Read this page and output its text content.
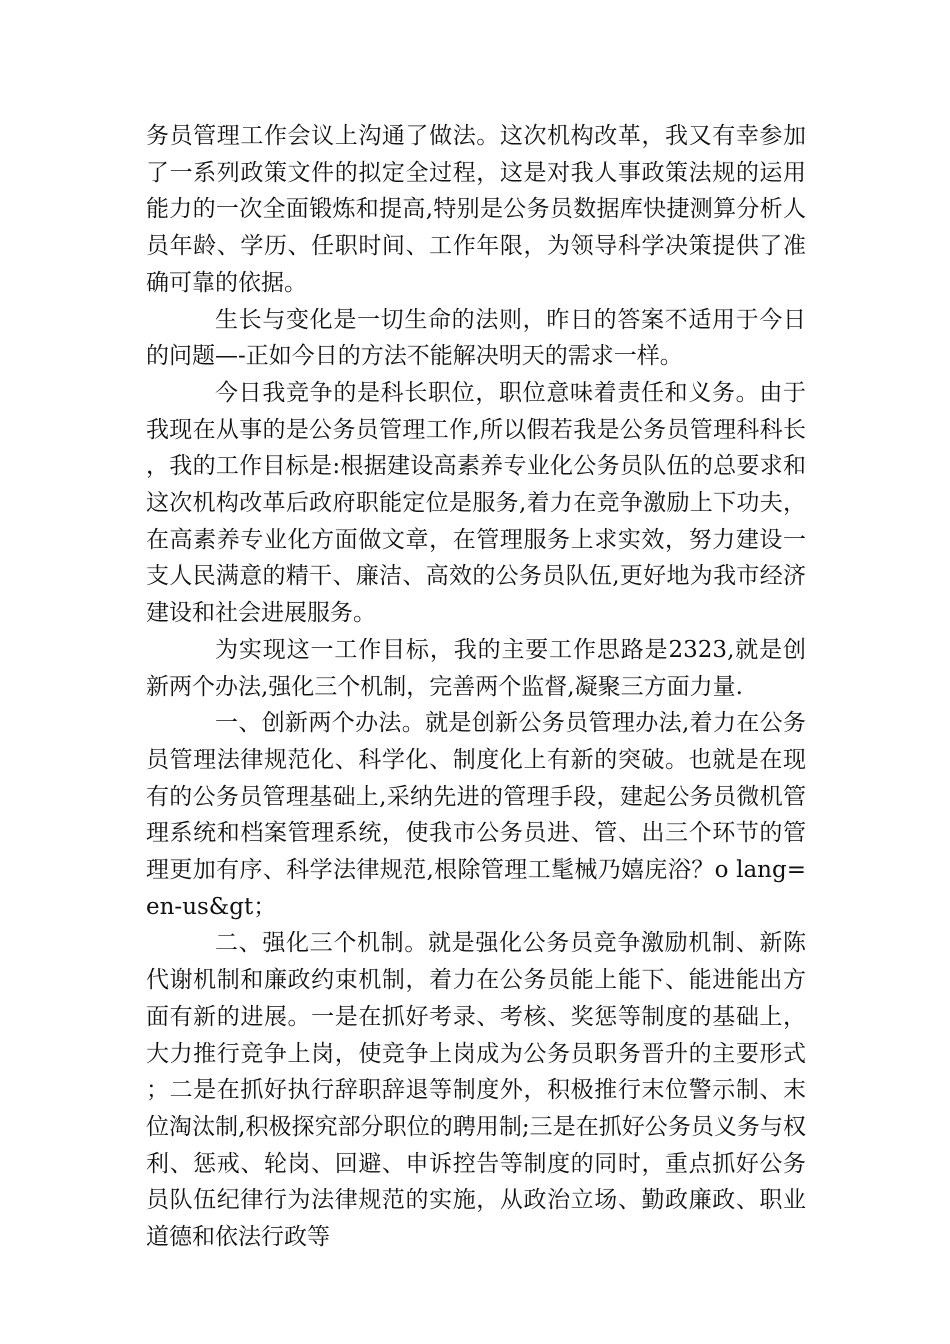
务员管理工作会议上沟通了做法。这次机构改革，我又有幸参加了一系列政策文件的拟定全过程，这是对我人事政策法规的运用能力的一次全面锻炼和提高,特别是公务员数据库快捷测算分析人员年龄、学历、任职时间、工作年限，为领导科学决策提供了准确可靠的依据。

生长与变化是一切生命的法则，昨日的答案不适用于今日的问题—-正如今日的方法不能解决明天的需求一样。

今日我竞争的是科长职位，职位意味着责任和义务。由于我现在从事的是公务员管理工作,所以假若我是公务员管理科科长，我的工作目标是:根据建设高素养专业化公务员队伍的总要求和这次机构改革后政府职能定位是服务,着力在竞争激励上下功夫，在高素养专业化方面做文章，在管理服务上求实效，努力建设一支人民满意的精干、廉洁、高效的公务员队伍,更好地为我市经济建设和社会进展服务。

为实现这一工作目标，我的主要工作思路是2323,就是创新两个办法,强化三个机制，完善两个监督,凝聚三方面力量.

一、创新两个办法。就是创新公务员管理办法,着力在公务员管理法律规范化、科学化、制度化上有新的突破。也就是在现有的公务员管理基础上,采纳先进的管理手段，建起公务员微机管理系统和档案管理系统，使我市公务员进、管、出三个环节的管理更加有序、科学法律规范,根除管理工髦械乃嬉庑浴？o lang=en-us&gt；

二、强化三个机制。就是强化公务员竞争激励机制、新陈代谢机制和廉政约束机制，着力在公务员能上能下、能进能出方面有新的进展。一是在抓好考录、考核、奖惩等制度的基础上，大力推行竞争上岗，使竞争上岗成为公务员职务晋升的主要形式；二是在抓好执行辞职辞退等制度外，积极推行末位警示制、末位淘汰制,积极探究部分职位的聘用制;三是在抓好公务员义务与权利、惩戒、轮岗、回避、申诉控告等制度的同时，重点抓好公务员队伍纪律行为法律规范的实施，从政治立场、勤政廉政、职业道德和依法行政等
